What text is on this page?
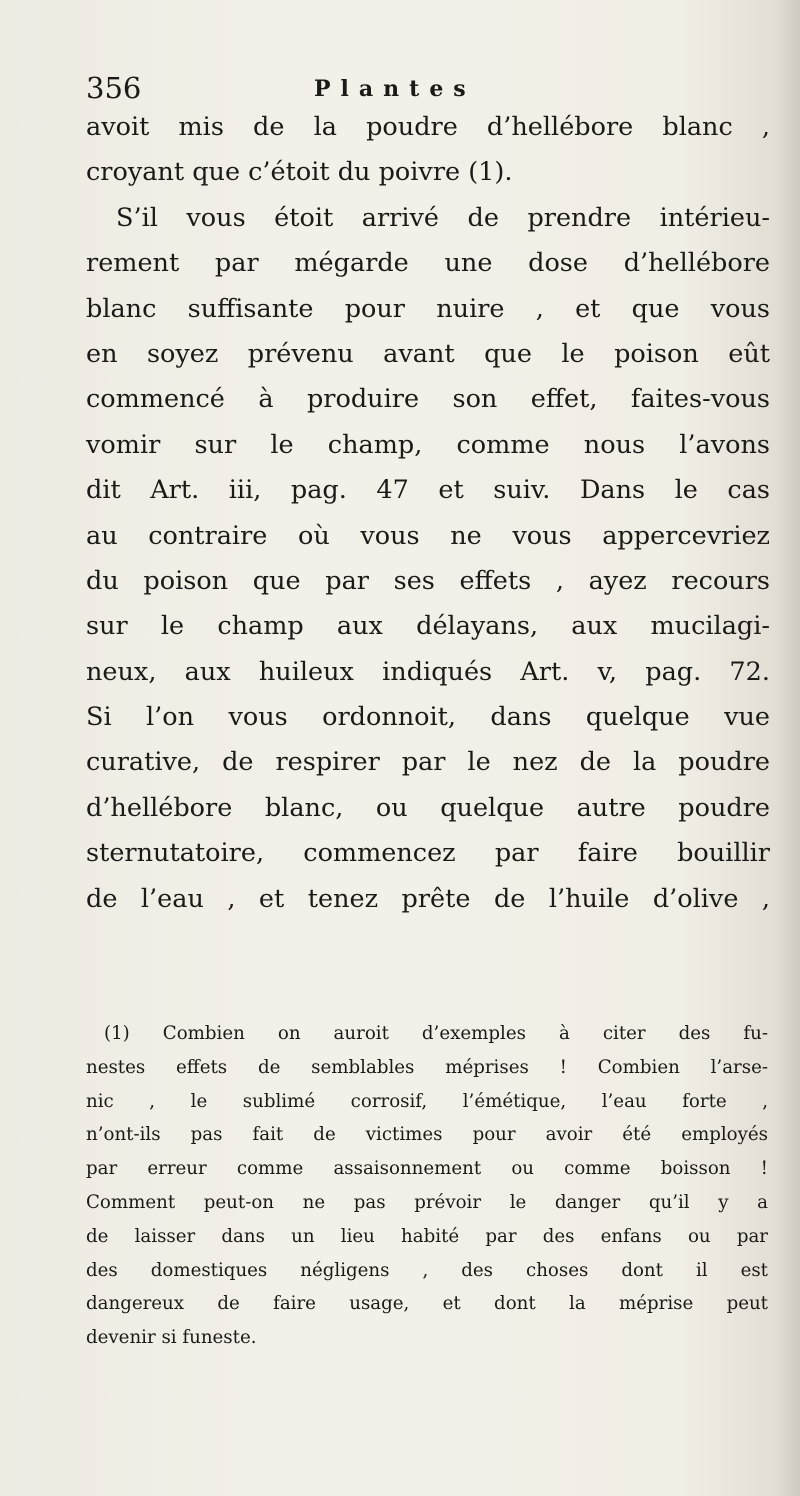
356	Plantes
avoit mis de la poudre d’hellébore blanc ,
croyant que c’étoit du poivre (1).
S’il vous étoit arrivé de prendre intérieu-
rement par mégarde une dose d’hellébore
blanc suffisante pour nuire , et que vous
en soyez prévenu avant que le poison eût
commencé à produire son effet, faites-vous
vomir sur le champ, comme nous l’avons
dit Art. iii, pag. 47 et suiv. Dans le cas
au contraire où vous ne vous appercevriez
du poison que par ses effets , ayez recours
sur le champ aux délayans, aux mucilagi-
neux, aux huileux indiqués Art. v, pag. 72.
Si l’on vous ordonnoit, dans quelque vue
curative, de respirer par le nez de la poudre
d’hellébore blanc, ou quelque autre poudre
sternutatoire, commencez par faire bouillir
de l’eau , et tenez prête de l’huile d’olive ,
(1) Combien on auroit d’exemples à citer des fu-
nestes effets de semblables méprises ! Combien l’arse-
nic , le sublimé corrosif, l’émétique, l’eau forte ,
n’ont-ils pas fait de victimes pour avoir été employés
par erreur comme assaisonnement ou comme boisson !
Comment peut-on ne pas prévoir le danger qu’il y a
de laisser dans un lieu habité par des enfans ou par
des domestiques négligens , des choses dont il est
dangereux de faire usage, et dont la méprise peut
devenir si funeste.
